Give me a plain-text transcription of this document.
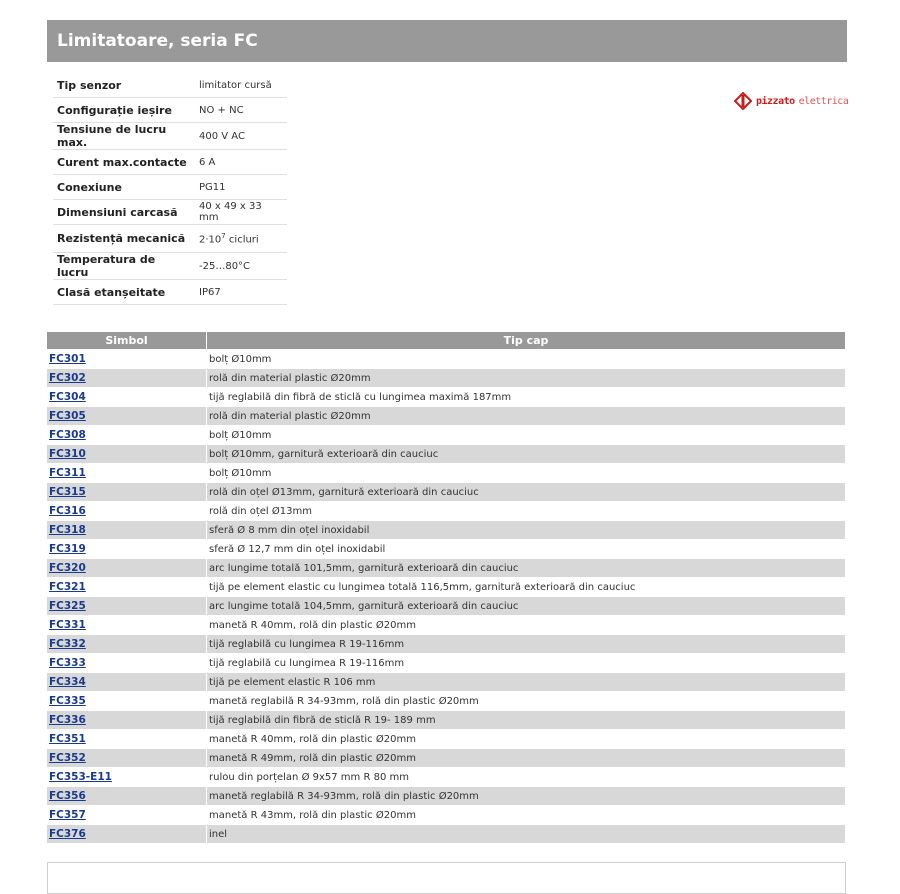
Limitatoare, seria FC
Tip senzor	limitator cursă
Configurație ieșire	NO + NC
Tensiune de lucru max.	400 V AC
Curent max.contacte	6 A
Conexiune	PG11
Dimensiuni carcasă	40 x 49 x 33 mm
Rezistență mecanică	$2\cdot 10^7$ cicluri
Temperatura de lucru	-25…80°C
Clasă etanșeitate	IP67
pizzato elettrica
Simbol	Tip cap
FC301	bolț Ø10mm
FC302	rolă din material plastic Ø20mm
FC304	tijă reglabilă din fibră de sticlă cu lungimea maximă 187mm
FC305	rolă din material plastic Ø20mm
FC308	bolț Ø10mm
FC310	bolț Ø10mm, garnitură exterioară din cauciuc
FC311	bolț Ø10mm
FC315	rolă din oțel Ø13mm, garnitură exterioară din cauciuc
FC316	rolă din oțel Ø13mm
FC318	sferă Ø 8 mm din oțel inoxidabil
FC319	sferă Ø 12,7 mm din oțel inoxidabil
FC320	arc lungime totală 101,5mm, garnitură exterioară din cauciuc
FC321	tijă pe element elastic cu lungimea totală 116,5mm, garnitură exterioară din cauciuc
FC325	arc lungime totală 104,5mm, garnitură exterioară din cauciuc
FC331	manetă R 40mm, rolă din plastic Ø20mm
FC332	tijă reglabilă cu lungimea R 19-116mm
FC333	tijă reglabilă cu lungimea R 19-116mm
FC334	tijă pe element elastic R 106 mm
FC335	manetă reglabilă R 34-93mm, rolă din plastic Ø20mm
FC336	tijă reglabilă din fibră de sticlă R 19- 189 mm
FC351	manetă R 40mm, rolă din plastic Ø20mm
FC352	manetă R 49mm, rolă din plastic Ø20mm
FC353-E11	rulou din porțelan Ø 9x57 mm R 80 mm
FC356	manetă reglabilă R 34-93mm, rolă din plastic Ø20mm
FC357	manetă R 43mm, rolă din plastic Ø20mm
FC376	inel
